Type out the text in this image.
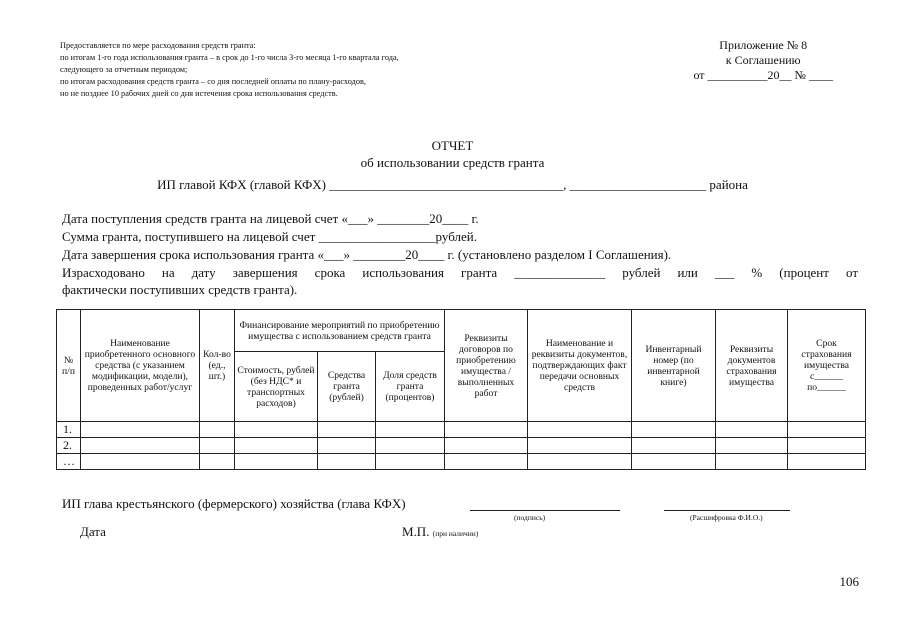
Предоставляется по мере расходования средств гранта:
по итогам 1-го года использования гранта – в срок до 1-го числа 3-го месяца 1-го квартала года,
следующего за отчетным периодом;
по итогам расходования средств гранта – со дня последней оплаты по плану-расходов,
но не позднее 10 рабочих дней со дня истечения срока использования средств.
Приложение № 8
к Соглашению
от __________20__ № ____
ОТЧЕТ
об использовании средств гранта
ИП главой КФХ (главой КФХ) ____________________________________, _____________________ района
Дата поступления средств гранта на лицевой счет «___» ________20____ г.
Сумма гранта, поступившего на лицевой счет __________________рублей.
Дата завершения срока использования гранта «___» ________20____ г. (установлено разделом I Соглашения).
Израсходовано на дату завершения срока использования гранта ______________ рублей или ___ % (процент от
фактически поступивших средств гранта).
№ п/п	Наименование приобретенного основного средства (с указанием модификации, модели), проведенных работ/услуг	Кол-во (ед., шт.)	Финансирование мероприятий по приобретению имущества с использованием средств гранта			Реквизиты договоров по приобретению имущества /выполненных работ	Наименование и реквизиты документов, подтверждающих факт передачи основных средств	Инвентарный номер (по инвентарной книге)	Реквизиты документов страхования имущества	Срок страхования имущества с______ по______
			Стоимость, рублей (без НДС* и транспортных расходов)	Средства гранта (рублей)	Доля средств гранта (процентов)					
1.										
2.										
…										
ИП глава крестьянского (фермерского) хозяйства (глава КФХ)
(подпись)	(Расшифровка Ф.И.О.)
Дата	М.П. (при наличии)
106
